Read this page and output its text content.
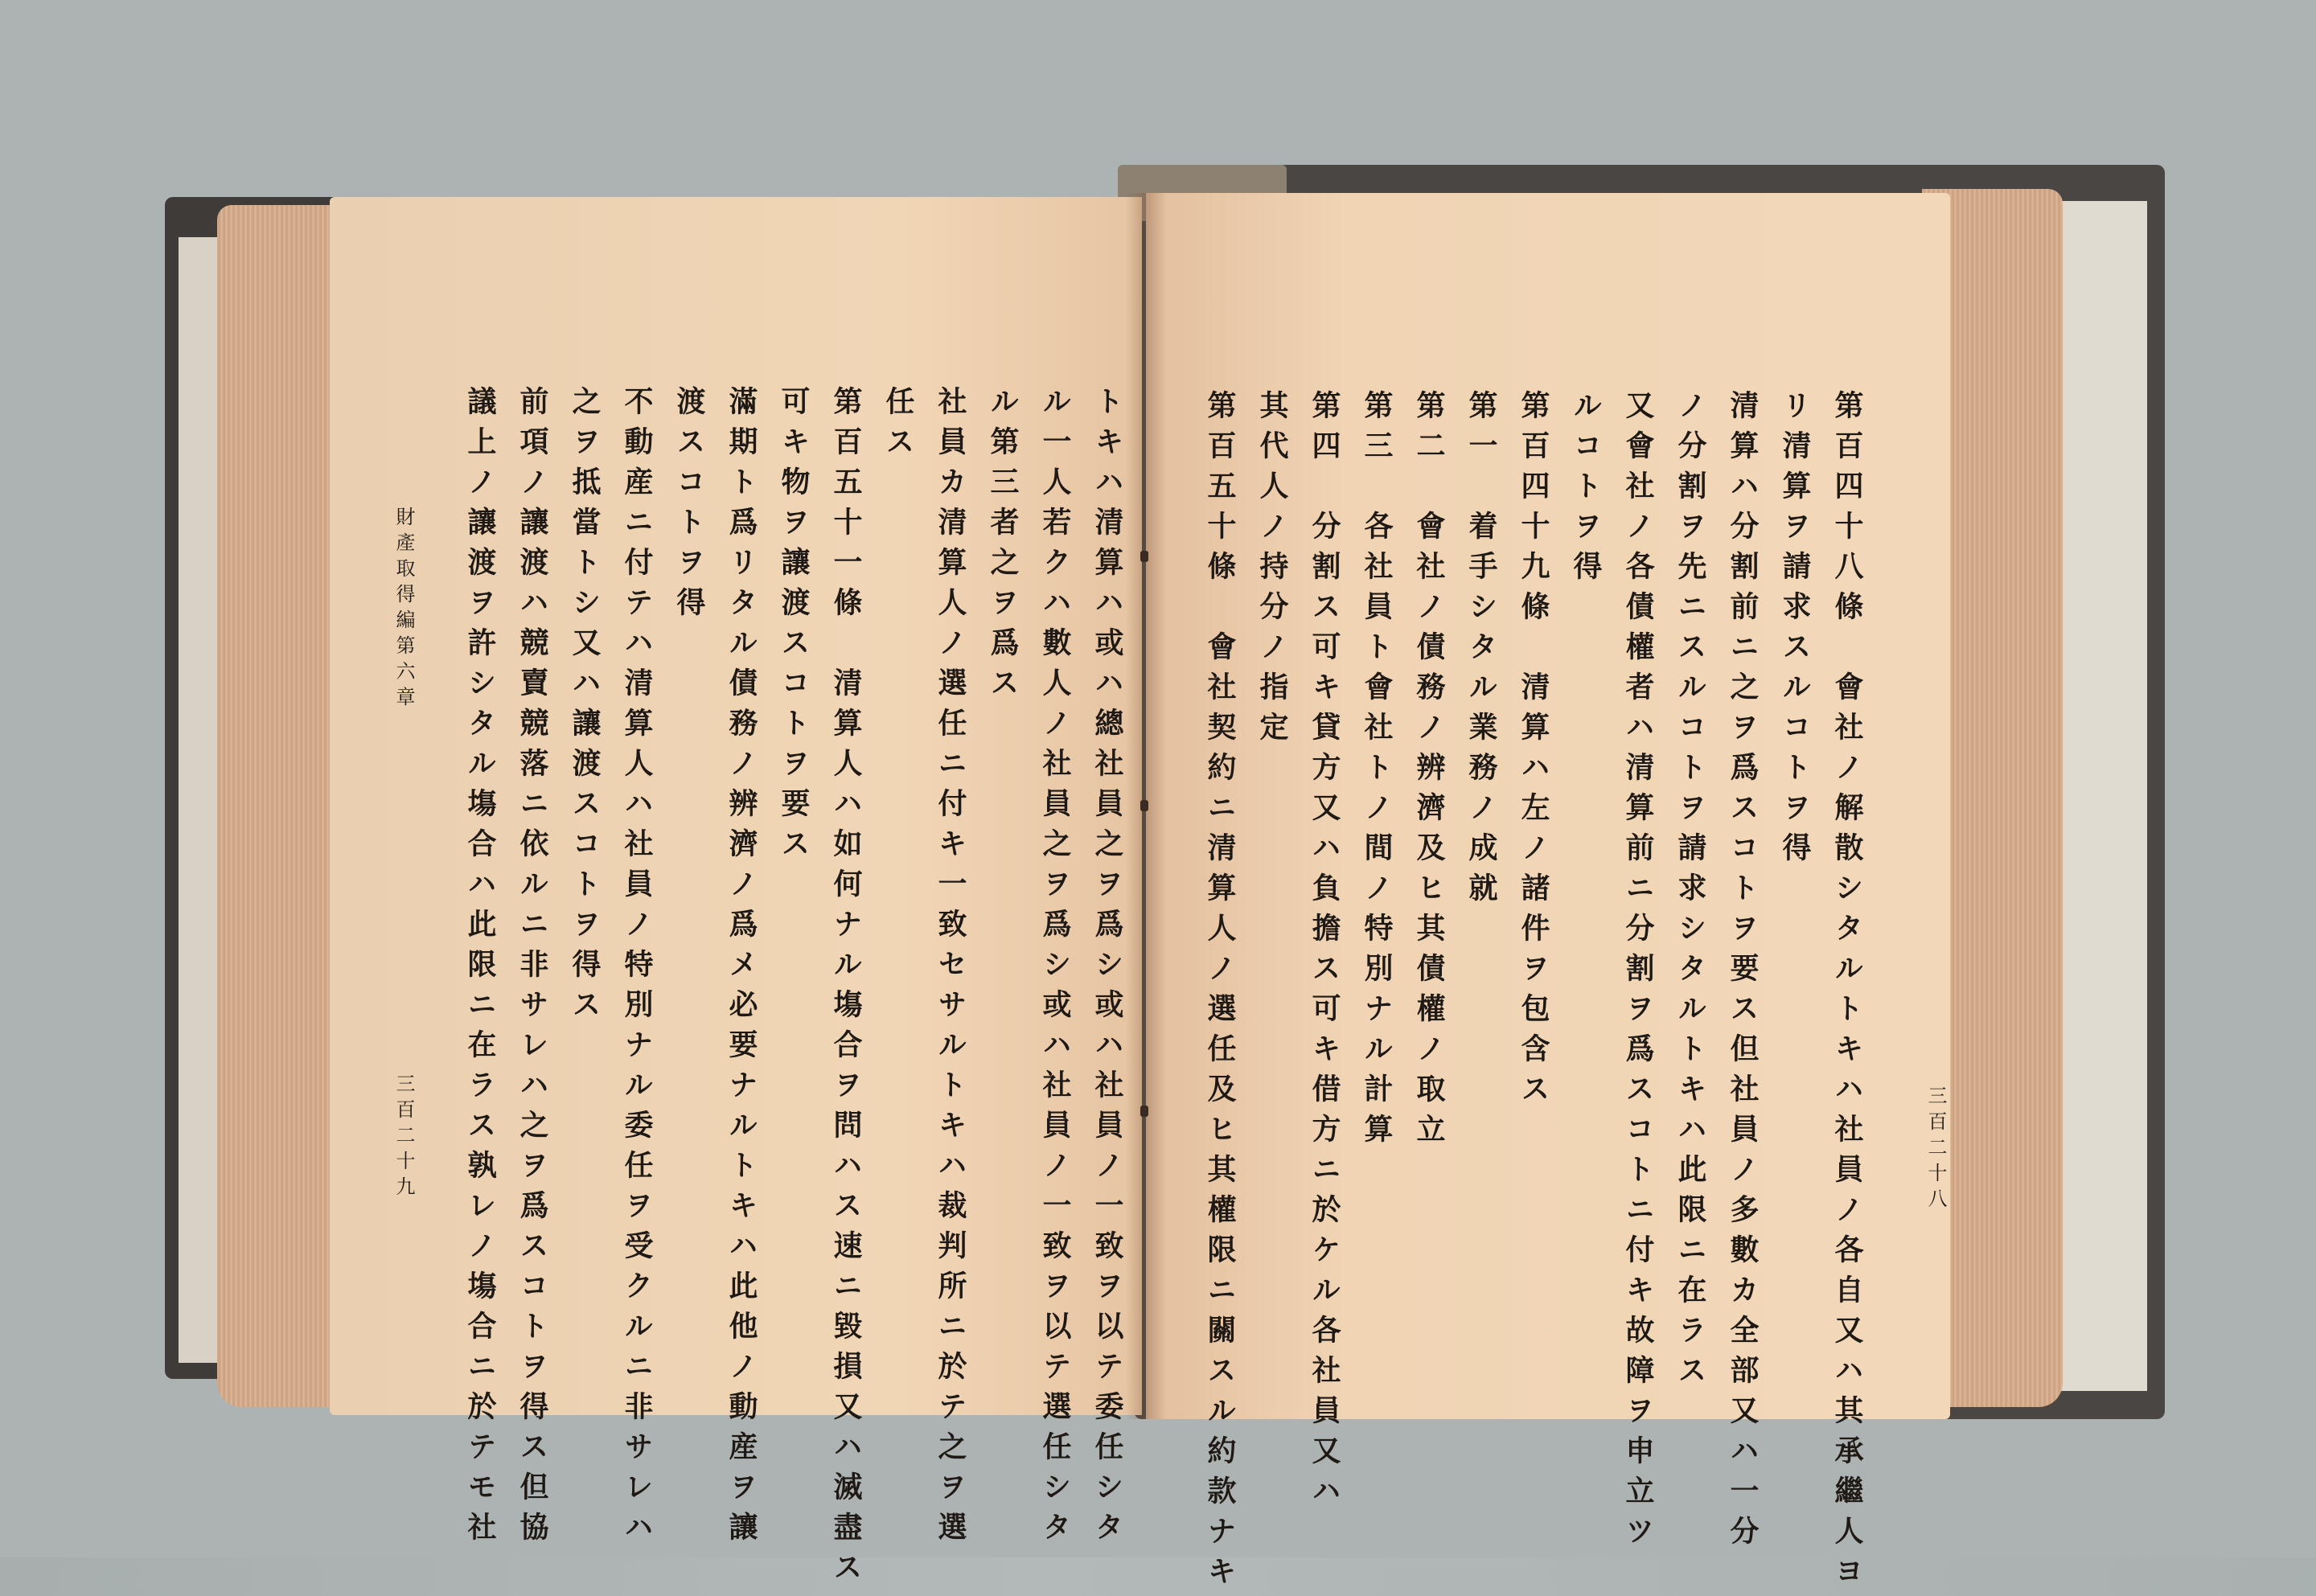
トキハ清算ハ或ハ總社員之ヲ爲シ或ハ社員ノ一致ヲ以テ委任シタ
ル一人若クハ數人ノ社員之ヲ爲シ或ハ社員ノ一致ヲ以テ選任シタ
ル第三者之ヲ爲ス
社員カ清算人ノ選任ニ付キ一致セサルトキハ裁判所ニ於テ之ヲ選
任ス
第百五十一條　清算人ハ如何ナル塲合ヲ問ハス速ニ毀損又ハ滅盡ス
可キ物ヲ讓渡スコトヲ要ス
滿期ト爲リタル債務ノ辨濟ノ爲メ必要ナルトキハ此他ノ動産ヲ讓
渡スコトヲ得
不動産ニ付テハ清算人ハ社員ノ特別ナル委任ヲ受クルニ非サレハ
之ヲ抵當トシ又ハ讓渡スコトヲ得ス
前項ノ讓渡ハ競賣競落ニ依ルニ非サレハ之ヲ爲スコトヲ得ス但協
議上ノ讓渡ヲ許シタル塲合ハ此限ニ在ラス孰レノ塲合ニ於テモ社
財產取得編第六章
三百二十九	第百四十八條　會社ノ解散シタルトキハ社員ノ各自又ハ其承繼人ヨ
リ清算ヲ請求スルコトヲ得
清算ハ分割前ニ之ヲ爲スコトヲ要ス但社員ノ多數カ全部又ハ一分
ノ分割ヲ先ニスルコトヲ請求シタルトキハ此限ニ在ラス
又會社ノ各債權者ハ清算前ニ分割ヲ爲スコトニ付キ故障ヲ申立ツ
ルコトヲ得
第百四十九條　清算ハ左ノ諸件ヲ包含ス
第一　着手シタル業務ノ成就
第二　會社ノ債務ノ辨濟及ヒ其債權ノ取立
第三　各社員ト會社トノ間ノ特別ナル計算
第四　分割ス可キ貸方又ハ負擔ス可キ借方ニ於ケル各社員又ハ
其代人ノ持分ノ指定
第百五十條　會社契約ニ清算人ノ選任及ヒ其權限ニ關スル約款ナキ	三百二十八
